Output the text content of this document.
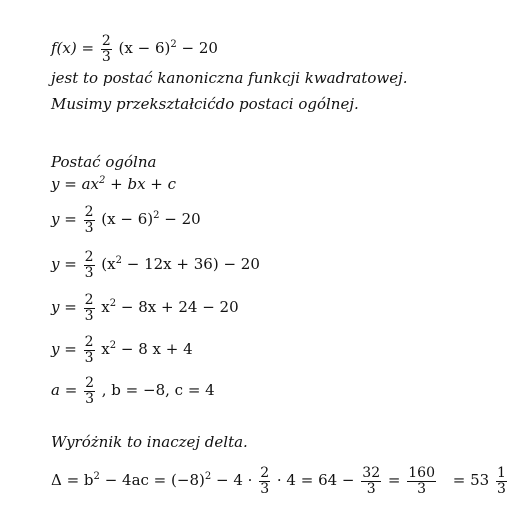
$f(x) = \frac{2}{3} (x - 6)^2 - 20$
jest to postać kanoniczna funkcji kwadratowej.
Musimy przekształcićdo postaci ogólnej.
Postać ogólna
$y = ax^2$ + bx + c
$y = \frac{2}{3} (x - 6)^2 - 20$
$y = \frac{2}{3} (x^2 - 12x + 36) - 20$
$y = \frac{2}{3} x^2 - 8x + 24 - 20$
$y = \frac{2}{3} x^2 - 8$ x + 4
$a = \frac{2}{3}$ , b = −8, c = 4
Wyróżnik to inaczej delta.
$\Delta = b^2 - 4ac = (-8)^2 - 4 \cdot \frac{2}{3} \cdot 4 = 64 - \frac{32}{3} = \frac{160}{3} = 53 \frac{1}{3}$
